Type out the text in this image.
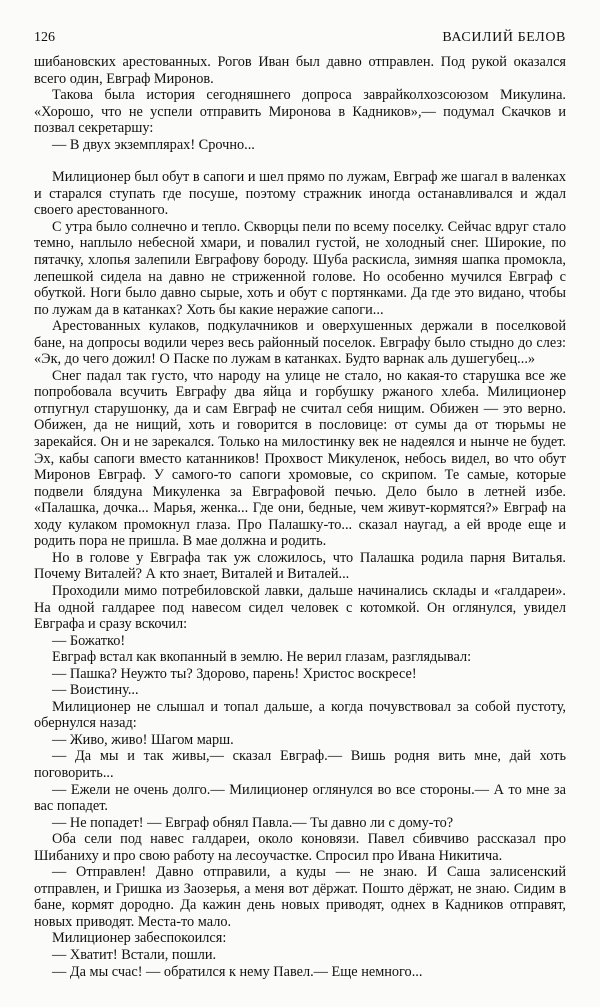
126	ВАСИЛИЙ БЕЛОВ

шибановских арестованных. Рогов Иван был давно отправлен. Под рукой оказался всего один, Евграф Миронов.

Такова была история сегодняшнего допроса завpайколхозсоюзом Микулина. «Хорошо, что не успели отправить Миронова в Кадников»,— подумал Скачков и позвал секретаршу:

— В двух экземплярах! Срочно...

Милиционер был обут в сапоги и шел прямо по лужам, Евграф же шагал в валенках и старался ступать где посуше, поэтому стражник иногда останавливался и ждал своего арестованного.

С утра было солнечно и тепло. Скворцы пели по всему поселку. Сейчас вдруг стало темно, наплыло небесной хмари, и повалил густой, не холодный снег. Широкие, по пятачку, хлопья залепили Евграфову бороду. Шуба раскисла, зимняя шапка промокла, лепешкой сидела на давно не стриженной голове. Но особенно мучился Евграф с обуткой. Ноги было давно сырые, хоть и обут с портянками. Да где это видано, чтобы по лужам да в катанках? Хоть бы какие неражие сапоги...

Арестованных кулаков, подкулачников и оверхушенных держали в поселковой бане, на допросы водили через весь районный поселок. Евграфу было стыдно до слез: «Эк, до чего дожил! О Паске по лужам в катанках. Будто варнак аль душегубец...»

Снег падал так густо, что народу на улице не стало, но какая-то старушка все же попробовала всучить Евграфу два яйца и горбушку ржаного хлеба. Милиционер отпугнул старушонку, да и сам Евграф не считал себя нищим. Обижен — это верно. Обижен, да не нищий, хоть и говорится в пословице: от сумы да от тюрьмы не зарекайся. Он и не зарекался. Только на милостинку век не надеялся и нынче не будет. Эх, кабы сапоги вместо катанников! Прохвост Микуленок, небось видел, во что обут Миронов Евграф. У самого-то сапоги хромовые, со скрипом. Те самые, которые подвели блядуна Микуленка за Евграфовой печью. Дело было в летней избе. «Палашка, дочка... Марья, женка... Где они, бедные, чем живут-кормятся?» Евграф на ходу кулаком промокнул глаза. Про Палашку-то... сказал наугад, а ей вроде еще и родить пора не пришла. В мае должна и родить.

Но в голове у Евграфа так уж сложилось, что Палашка родила парня Виталья. Почему Виталей? А кто знает, Виталей и Виталей...

Проходили мимо потребиловской лавки, дальше начинались склады и «галдареи». На одной галдарее под навесом сидел человек с котомкой. Он оглянулся, увидел Евграфа и сразу вскочил:

— Божатко!

Евграф встал как вкопанный в землю. Не верил глазам, разглядывал:

— Пашка? Неужто ты? Здорово, парень! Христос воскресе!

— Воистину...

Милиционер не слышал и топал дальше, а когда почувствовал за собой пустоту, обернулся назад:

— Живо, живо! Шагом марш.

— Да мы и так живы,— сказал Евграф.— Вишь родня вить мне, дай хоть поговорить...

— Ежели не очень долго.— Милиционер оглянулся во все стороны.— А то мне за вас попадет.

— Не попадет! — Евграф обнял Павла.— Ты давно ли с дому-то?

Оба сели под навес галдареи, около коновязи. Павел сбивчиво рассказал про Шибаниху и про свою работу на лесоучастке. Спросил про Ивана Никитича.

— Отправлен! Давно отправили, а куды — не знаю. И Саша залисенский отправлен, и Гришка из Заозерья, а меня вот дёржат. Пошто дёржат, не знаю. Сидим в бане, кормят дородно. Да кажин день новых приводят, однех в Кадников отправят, новых приводят. Места-то мало.

Милиционер забеспокоился:

— Хватит! Встали, пошли.

— Да мы счас! — обратился к нему Павел.— Еще немного...
